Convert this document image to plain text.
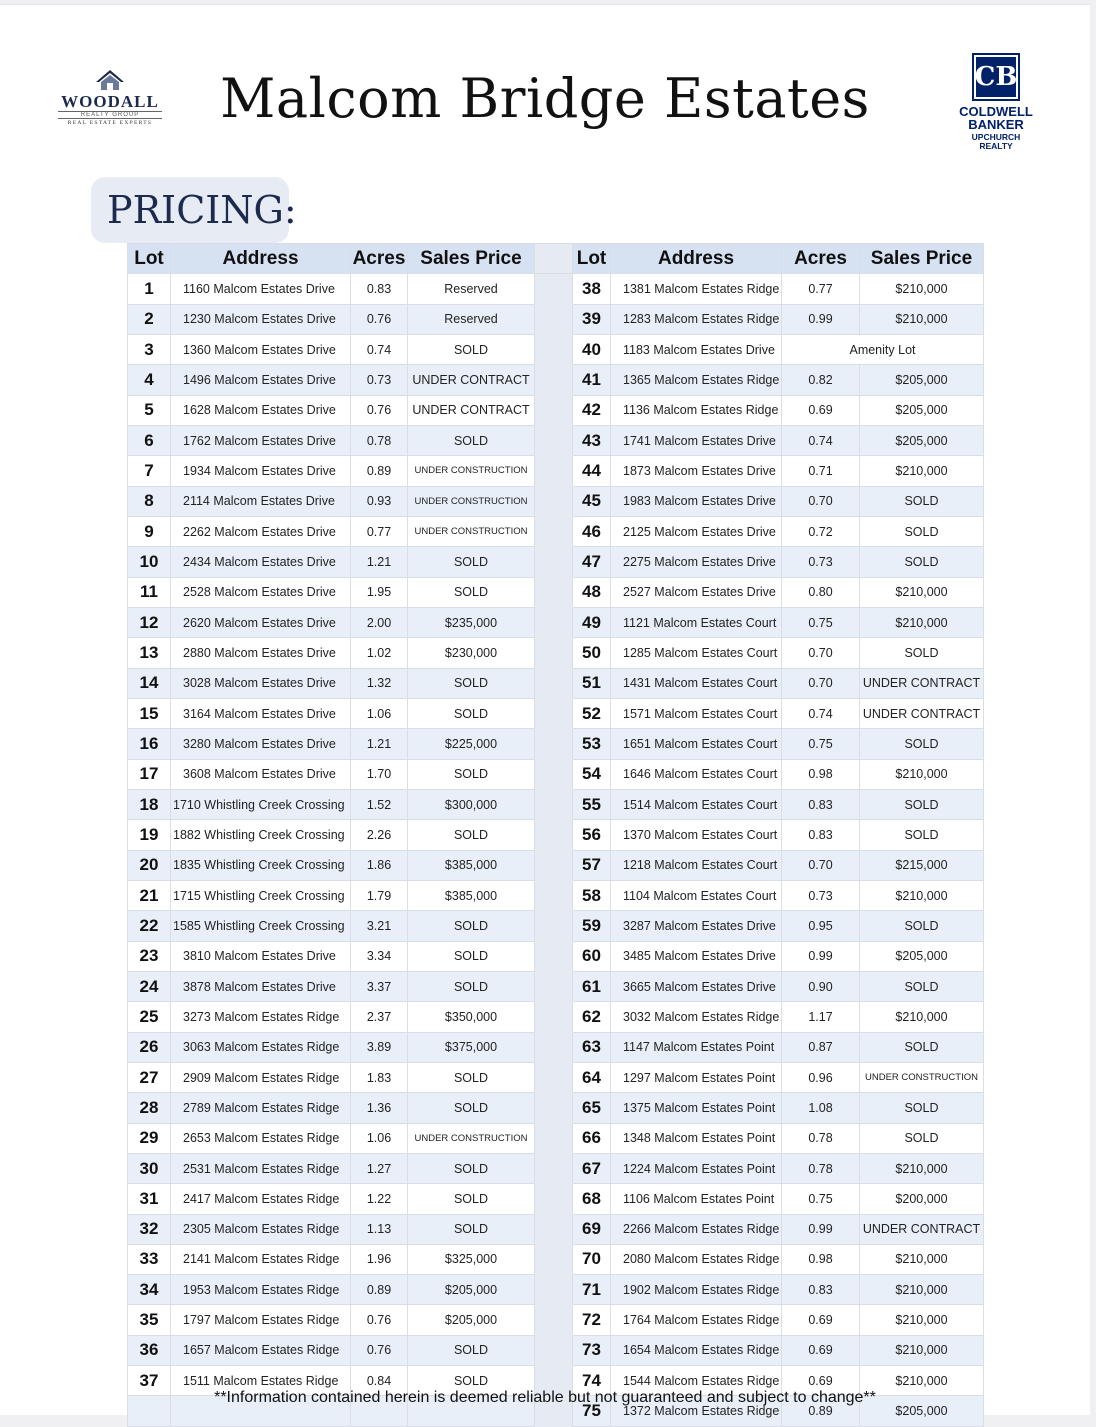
WOODALL
REALTY GROUP
REAL ESTATE EXPERTS	Malcom Bridge Estates	CB
COLDWELL
BANKER
UPCHURCH
REALTY
PRICING:
Lot	Address	Acres	Sales Price		Lot	Address	Acres	Sales Price
1	1160 Malcom Estates Drive	0.83	Reserved		38	1381 Malcom Estates Ridge	0.77	$210,000
2	1230 Malcom Estates Drive	0.76	Reserved		39	1283 Malcom Estates Ridge	0.99	$210,000
3	1360 Malcom Estates Drive	0.74	SOLD		40	1183 Malcom Estates Drive	Amenity Lot	
4	1496 Malcom Estates Drive	0.73	UNDER CONTRACT		41	1365 Malcom Estates Ridge	0.82	$205,000
5	1628 Malcom Estates Drive	0.76	UNDER CONTRACT		42	1136 Malcom Estates Ridge	0.69	$205,000
6	1762 Malcom Estates Drive	0.78	SOLD		43	1741 Malcom Estates Drive	0.74	$205,000
7	1934 Malcom Estates Drive	0.89	UNDER CONSTRUCTION		44	1873 Malcom Estates Drive	0.71	$210,000
8	2114 Malcom Estates Drive	0.93	UNDER CONSTRUCTION		45	1983 Malcom Estates Drive	0.70	SOLD
9	2262 Malcom Estates Drive	0.77	UNDER CONSTRUCTION		46	2125 Malcom Estates Drive	0.72	SOLD
10	2434 Malcom Estates Drive	1.21	SOLD		47	2275 Malcom Estates Drive	0.73	SOLD
11	2528 Malcom Estates Drive	1.95	SOLD		48	2527 Malcom Estates Drive	0.80	$210,000
12	2620 Malcom Estates Drive	2.00	$235,000		49	1121 Malcom Estates Court	0.75	$210,000
13	2880 Malcom Estates Drive	1.02	$230,000		50	1285 Malcom Estates Court	0.70	SOLD
14	3028 Malcom Estates Drive	1.32	SOLD		51	1431 Malcom Estates Court	0.70	UNDER CONTRACT
15	3164 Malcom Estates Drive	1.06	SOLD		52	1571 Malcom Estates Court	0.74	UNDER CONTRACT
16	3280 Malcom Estates Drive	1.21	$225,000		53	1651 Malcom Estates Court	0.75	SOLD
17	3608 Malcom Estates Drive	1.70	SOLD		54	1646 Malcom Estates Court	0.98	$210,000
18	1710 Whistling Creek Crossing	1.52	$300,000		55	1514 Malcom Estates Court	0.83	SOLD
19	1882 Whistling Creek Crossing	2.26	SOLD		56	1370 Malcom Estates Court	0.83	SOLD
20	1835 Whistling Creek Crossing	1.86	$385,000		57	1218 Malcom Estates Court	0.70	$215,000
21	1715 Whistling Creek Crossing	1.79	$385,000		58	1104 Malcom Estates Court	0.73	$210,000
22	1585 Whistling Creek Crossing	3.21	SOLD		59	3287 Malcom Estates Drive	0.95	SOLD
23	3810 Malcom Estates Drive	3.34	SOLD		60	3485 Malcom Estates Drive	0.99	$205,000
24	3878 Malcom Estates Drive	3.37	SOLD		61	3665 Malcom Estates Drive	0.90	SOLD
25	3273 Malcom Estates Ridge	2.37	$350,000		62	3032 Malcom Estates Ridge	1.17	$210,000
26	3063 Malcom Estates Ridge	3.89	$375,000		63	1147 Malcom Estates Point	0.87	SOLD
27	2909 Malcom Estates Ridge	1.83	SOLD		64	1297 Malcom Estates Point	0.96	UNDER CONSTRUCTION
28	2789 Malcom Estates Ridge	1.36	SOLD		65	1375 Malcom Estates Point	1.08	SOLD
29	2653 Malcom Estates Ridge	1.06	UNDER CONSTRUCTION		66	1348 Malcom Estates Point	0.78	SOLD
30	2531 Malcom Estates Ridge	1.27	SOLD		67	1224 Malcom Estates Point	0.78	$210,000
31	2417 Malcom Estates Ridge	1.22	SOLD		68	1106 Malcom Estates Point	0.75	$200,000
32	2305 Malcom Estates Ridge	1.13	SOLD		69	2266 Malcom Estates Ridge	0.99	UNDER CONTRACT
33	2141 Malcom Estates Ridge	1.96	$325,000		70	2080 Malcom Estates Ridge	0.98	$210,000
34	1953 Malcom Estates Ridge	0.89	$205,000		71	1902 Malcom Estates Ridge	0.83	$210,000
35	1797 Malcom Estates Ridge	0.76	$205,000		72	1764 Malcom Estates Ridge	0.69	$210,000
36	1657 Malcom Estates Ridge	0.76	SOLD		73	1654 Malcom Estates Ridge	0.69	$210,000
37	1511 Malcom Estates Ridge	0.84	SOLD		74	1544 Malcom Estates Ridge	0.69	$210,000
					75	1372 Malcom Estates Ridge	0.89	$205,000
**Information contained herein is deemed reliable but not guaranteed and subject to change**
